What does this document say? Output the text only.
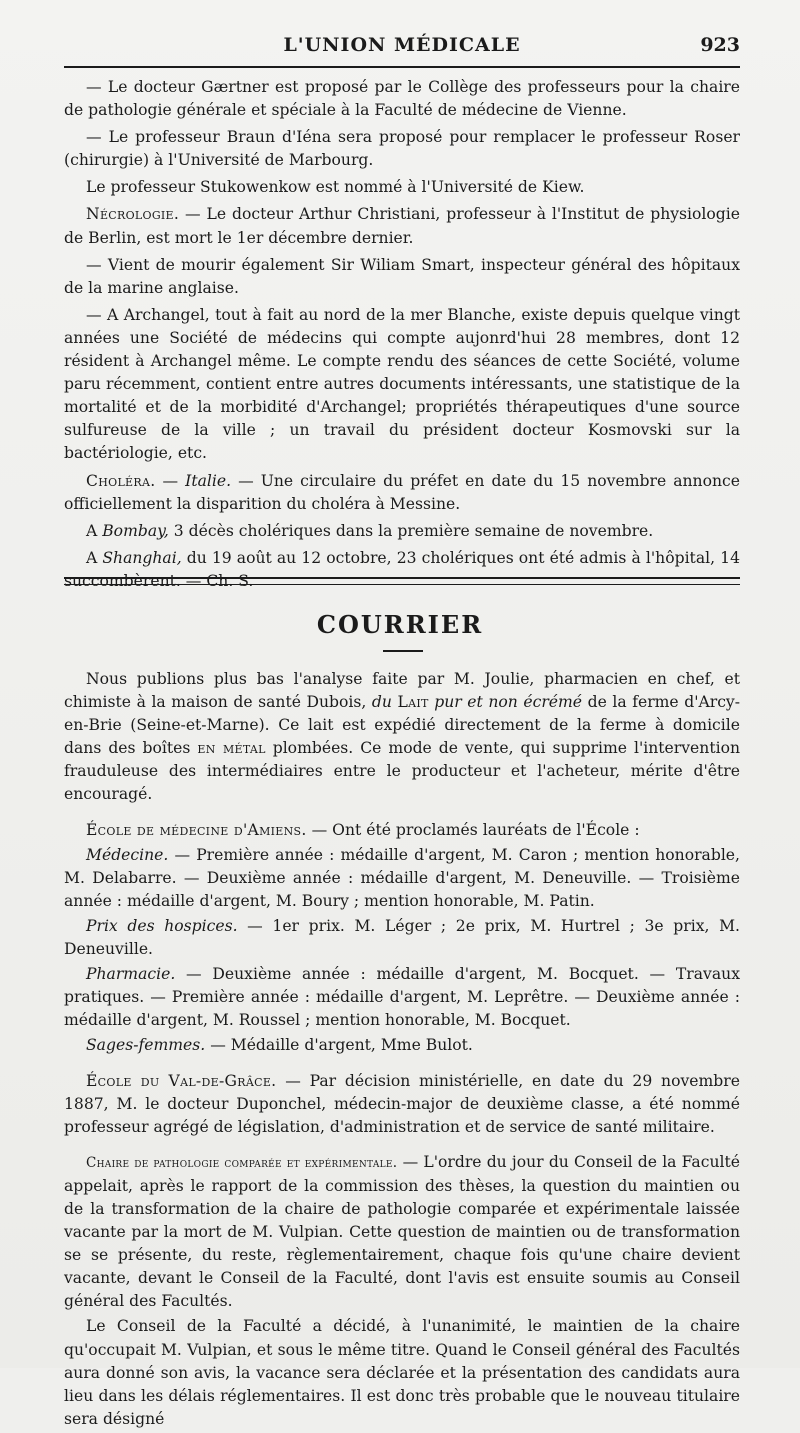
L'UNION MÉDICALE	923

— Le docteur Gærtner est proposé par le Collège des professeurs pour la chaire de pathologie générale et spéciale à la Faculté de médecine de Vienne.

— Le professeur Braun d'Iéna sera proposé pour remplacer le professeur Roser (chirurgie) à l'Université de Marbourg.

Le professeur Stukowenkow est nommé à l'Université de Kiew.

Nécrologie. — Le docteur Arthur Christiani, professeur à l'Institut de physiologie de Berlin, est mort le 1er décembre dernier.

— Vient de mourir également Sir Wiliam Smart, inspecteur général des hôpitaux de la marine anglaise.

— A Archangel, tout à fait au nord de la mer Blanche, existe depuis quelque vingt années une Société de médecins qui compte aujonrd'hui 28 membres, dont 12 résident à Archangel même. Le compte rendu des séances de cette Société, volume paru récemment, contient entre autres documents intéressants, une statistique de la mortalité et de la morbidité d'Archangel; propriétés thérapeutiques d'une source sulfureuse de la ville ; un travail du président docteur Kosmovski sur la bactériologie, etc.

Choléra. — Italie. — Une circulaire du préfet en date du 15 novembre annonce officiellement la disparition du choléra à Messine.

A Bombay, 3 décès cholériques dans la première semaine de novembre.

A Shanghai, du 19 août au 12 octobre, 23 cholériques ont été admis à l'hôpital, 14 succombèrent. — Ch. S.

COURRIER

Nous publions plus bas l'analyse faite par M. Joulie, pharmacien en chef, et chimiste à la maison de santé Dubois, du Lait pur et non écrémé de la ferme d'Arcy-en-Brie (Seine-et-Marne). Ce lait est expédié directement de la ferme à domicile dans des boîtes en métal plombées. Ce mode de vente, qui supprime l'intervention frauduleuse des intermédiaires entre le producteur et l'acheteur, mérite d'être encouragé.

École de médecine d'Amiens. — Ont été proclamés lauréats de l'École :

Médecine. — Première année : médaille d'argent, M. Caron ; mention honorable, M. Delabarre. — Deuxième année : médaille d'argent, M. Deneuville. — Troisième année : médaille d'argent, M. Boury ; mention honorable, M. Patin.

Prix des hospices. — 1er prix. M. Léger ; 2e prix, M. Hurtrel ; 3e prix, M. Deneuville.

Pharmacie. — Deuxième année : médaille d'argent, M. Bocquet. — Travaux pratiques. — Première année : médaille d'argent, M. Leprêtre. — Deuxième année : médaille d'argent, M. Roussel ; mention honorable, M. Bocquet.

Sages-femmes. — Médaille d'argent, Mme Bulot.

École du Val-de-Grâce. — Par décision ministérielle, en date du 29 novembre 1887, M. le docteur Duponchel, médecin-major de deuxième classe, a été nommé professeur agrégé de législation, d'administration et de service de santé militaire.

Chaire de pathologie comparée et expérimentale. — L'ordre du jour du Conseil de la Faculté appelait, après le rapport de la commission des thèses, la question du maintien ou de la transformation de la chaire de pathologie comparée et expérimentale laissée vacante par la mort de M. Vulpian. Cette question de maintien ou de transformation se se présente, du reste, règlementairement, chaque fois qu'une chaire devient vacante, devant le Conseil de la Faculté, dont l'avis est ensuite soumis au Conseil général des Facultés.

Le Conseil de la Faculté a décidé, à l'unanimité, le maintien de la chaire qu'occupait M. Vulpian, et sous le même titre. Quand le Conseil général des Facultés aura donné son avis, la vacance sera déclarée et la présentation des candidats aura lieu dans les délais réglementaires. Il est donc très probable que le nouveau titulaire sera désigné
